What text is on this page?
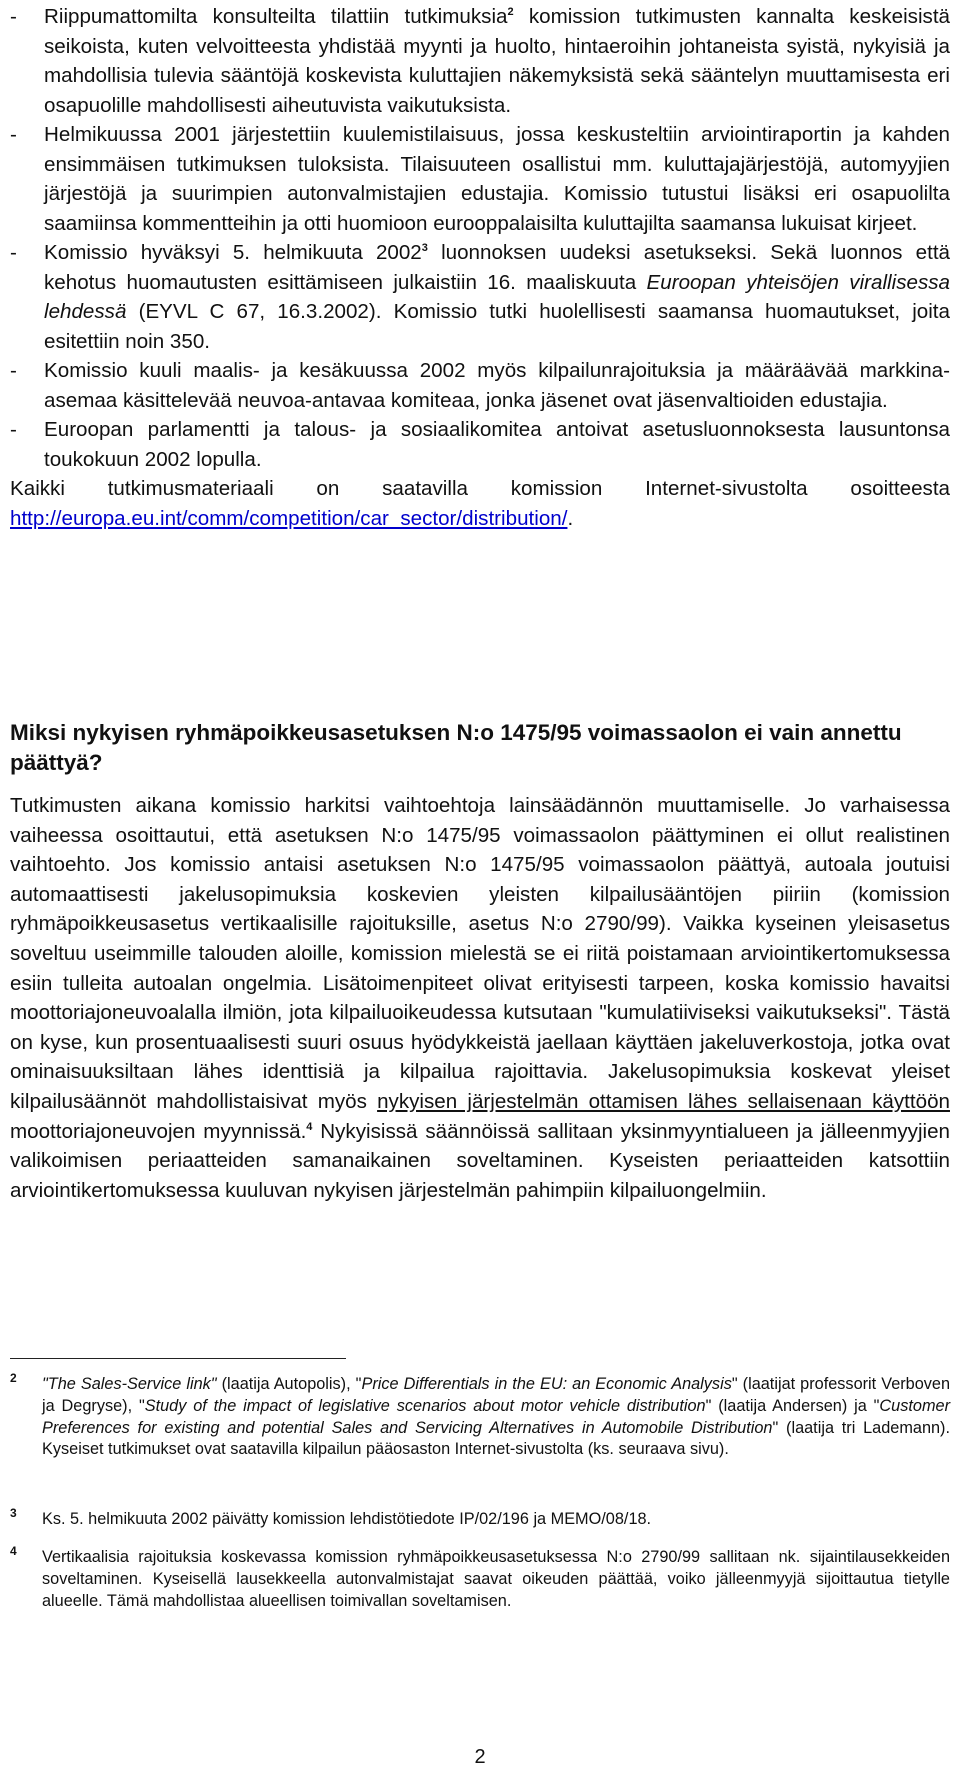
- Riippumattomilta konsulteilta tilattiin tutkimuksia$^2$ komission tutkimusten kannalta keskeisistä seikoista, kuten velvoitteesta yhdistää myynti ja huolto, hintaeroihin johtaneista syistä, nykyisiä ja mahdollisia tulevia sääntöjä koskevista kuluttajien näkemyksistä sekä sääntelyn muuttamisesta eri osapuolille mahdollisesti aiheutuvista vaikutuksista.

- Helmikuussa 2001 järjestettiin kuulemistilaisuus, jossa keskusteltiin arviointiraportin ja kahden ensimmäisen tutkimuksen tuloksista. Tilaisuuteen osallistui mm. kuluttajajärjestöjä, automyyjien järjestöjä ja suurimpien autonvalmistajien edustajia. Komissio tutustui lisäksi eri osapuolilta saamiinsa kommentteihin ja otti huomioon eurooppalaisilta kuluttajilta saamansa lukuisat kirjeet.

- Komissio hyväksyi 5. helmikuuta 2002$^3$ luonnoksen uudeksi asetukseksi. Sekä luonnos että kehotus huomautusten esittämiseen julkaistiin 16. maaliskuuta Euroopan yhteisöjen virallisessa lehdessä (EYVL C 67, 16.3.2002). Komissio tutki huolellisesti saamansa huomautukset, joita esitettiin noin 350.

- Komissio kuuli maalis- ja kesäkuussa 2002 myös kilpailunrajoituksia ja määräävää markkina-asemaa käsittelevää neuvoa-antavaa komiteaa, jonka jäsenet ovat jäsenvaltioiden edustajia.

- Euroopan parlamentti ja talous- ja sosiaalikomitea antoivat asetusluonnoksesta lausuntonsa toukokuun 2002 lopulla.

Kaikki tutkimusmateriaali on saatavilla komission Internet-sivustolta osoitteesta http://europa.eu.int/comm/competition/car_sector/distribution/.

Miksi nykyisen ryhmäpoikkeusasetuksen N:o 1475/95 voimassaolon ei vain annettu päättyä?

Tutkimusten aikana komissio harkitsi vaihtoehtoja lainsäädännön muuttamiselle. Jo varhaisessa vaiheessa osoittautui, että asetuksen N:o 1475/95 voimassaolon päättyminen ei ollut realistinen vaihtoehto. Jos komissio antaisi asetuksen N:o 1475/95 voimassaolon päättyä, autoala joutuisi automaattisesti jakelusopimuksia koskevien yleisten kilpailusääntöjen piiriin (komission ryhmäpoikkeusasetus vertikaalisille rajoituksille, asetus N:o 2790/99). Vaikka kyseinen yleisasetus soveltuu useimmille talouden aloille, komission mielestä se ei riitä poistamaan arviointikertomuksessa esiin tulleita autoalan ongelmia. Lisätoimenpiteet olivat erityisesti tarpeen, koska komissio havaitsi moottoriajoneuvoalalla ilmiön, jota kilpailuoikeudessa kutsutaan "kumulatiiviseksi vaikutukseksi". Tästä on kyse, kun prosentuaalisesti suuri osuus hyödykkeistä jaellaan käyttäen jakeluverkostoja, jotka ovat ominaisuuksiltaan lähes identtisiä ja kilpailua rajoittavia. Jakelusopimuksia koskevat yleiset kilpailusäännöt mahdollistaisivat myös nykyisen järjestelmän ottamisen lähes sellaisenaan käyttöön moottoriajoneuvojen myynnissä.$^4$ Nykyisissä säännöissä sallitaan yksinmyyntialueen ja jälleenmyyjien valikoimisen periaatteiden samanaikainen soveltaminen. Kyseisten periaatteiden katsottiin arviointikertomuksessa kuuluvan nykyisen järjestelmän pahimpiin kilpailuongelmiin.

2 "The Sales-Service link" (laatija Autopolis), "Price Differentials in the EU: an Economic Analysis" (laatijat professorit Verboven ja Degryse), "Study of the impact of legislative scenarios about motor vehicle distribution" (laatija Andersen) ja "Customer Preferences for existing and potential Sales and Servicing Alternatives in Automobile Distribution" (laatija tri Lademann). Kyseiset tutkimukset ovat saatavilla kilpailun pääosaston Internet-sivustolta (ks. seuraava sivu).
3 Ks. 5. helmikuuta 2002 päivätty komission lehdistötiedote IP/02/196 ja MEMO/08/18.
4 Vertikaalisia rajoituksia koskevassa komission ryhmäpoikkeusasetuksessa N:o 2790/99 sallitaan nk. sijaintilausekkeiden soveltaminen. Kyseisellä lausekkeella autonvalmistajat saavat oikeuden päättää, voiko jälleenmyyjä sijoittautua tietylle alueelle. Tämä mahdollistaa alueellisen toimivallan soveltamisen.
2
